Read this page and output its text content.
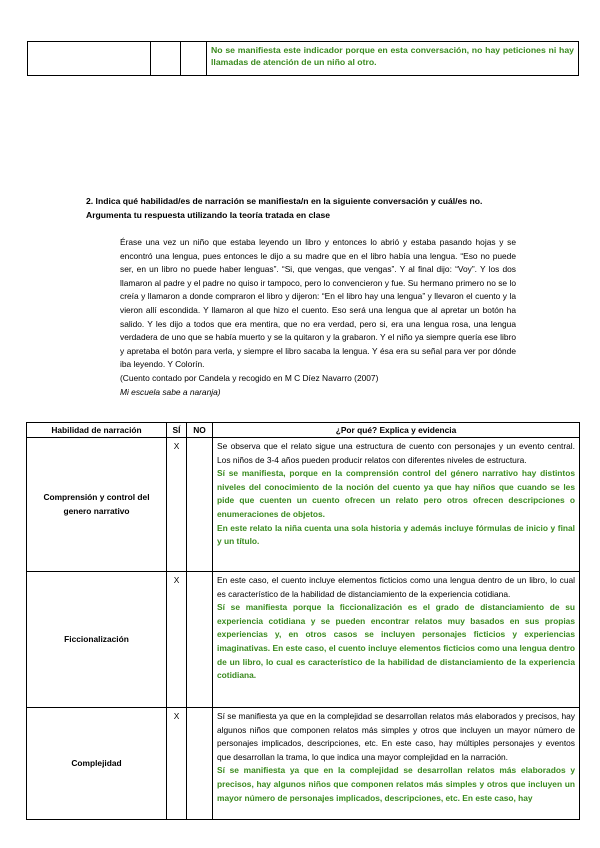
			No se manifiesta este indicador porque en esta conversación, no hay peticiones ni hay llamadas de atención de un niño al otro.
2. Indica qué habilidad/es de narración se manifiesta/n en la siguiente conversación y cuál/es no. Argumenta tu respuesta utilizando la teoría tratada en clase
Érase una vez un niño que estaba leyendo un libro y entonces lo abrió y estaba pasando hojas y se encontró una lengua, pues entonces le dijo a su madre que en el libro había una lengua. “Eso no puede ser, en un libro no puede haber lenguas”. “Si, que vengas, que vengas”. Y al final dijo: “Voy”. Y los dos llamaron al padre y el padre no quiso ir tampoco, pero lo convencieron y fue. Su hermano primero no se lo creía y llamaron a donde compraron el libro y dijeron: “En el libro hay una lengua” y llevaron el cuento y la vieron allí escondida. Y llamaron al que hizo el cuento. Eso será una lengua que al apretar un botón ha salido. Y les dijo a todos que era mentira, que no era verdad, pero si, era una lengua rosa, una lengua verdadera de uno que se había muerto y se la quitaron y la grabaron. Y el niño ya siempre quería ese libro y apretaba el botón para verla, y siempre el libro sacaba la lengua. Y ésa era su señal para ver por dónde iba leyendo. Y Colorín.
(Cuento contado por Candela y recogido en M C Díez Navarro (2007)
Mi escuela sabe a naranja)
Habilidad de narración	SÍ	NO	¿Por qué? Explica y evidencia
Comprensión y control del genero narrativo	X		Se observa que el relato sigue una estructura de cuento con personajes y un evento central. Los niños de 3-4 años pueden producir relatos con diferentes niveles de estructura.
Sí se manifiesta, porque en la comprensión control del género narrativo hay distintos niveles del conocimiento de la noción del cuento ya que hay niños que cuando se les pide que cuenten un cuento ofrecen un relato pero otros ofrecen descripciones o enumeraciones de objetos.
En este relato la niña cuenta una sola historia y además incluye fórmulas de inicio y final y un título.

Ficcionalización	X		En este caso, el cuento incluye elementos ficticios como una lengua dentro de un libro, lo cual es característico de la habilidad de distanciamiento de la experiencia cotidiana.
Sí se manifiesta porque la ficcionalización es el grado de distanciamiento de su experiencia cotidiana y se pueden encontrar relatos muy basados en sus propias experiencias y, en otros casos se incluyen personajes ficticios y experiencias imaginativas. En este caso, el cuento incluye elementos ficticios como una lengua dentro de un libro, lo cual es característico de la habilidad de distanciamiento de la experiencia cotidiana.

Complejidad	X		Sí se manifiesta ya que en la complejidad se desarrollan relatos más elaborados y precisos, hay algunos niños que componen relatos más simples y otros que incluyen un mayor número de personajes implicados, descripciones, etc. En este caso, hay múltiples personajes y eventos que desarrollan la trama, lo que indica una mayor complejidad en la narración.
Sí se manifiesta ya que en la complejidad se desarrollan relatos más elaborados y precisos, hay algunos niños que componen relatos más simples y otros que incluyen un mayor número de personajes implicados, descripciones, etc. En este caso, hay
